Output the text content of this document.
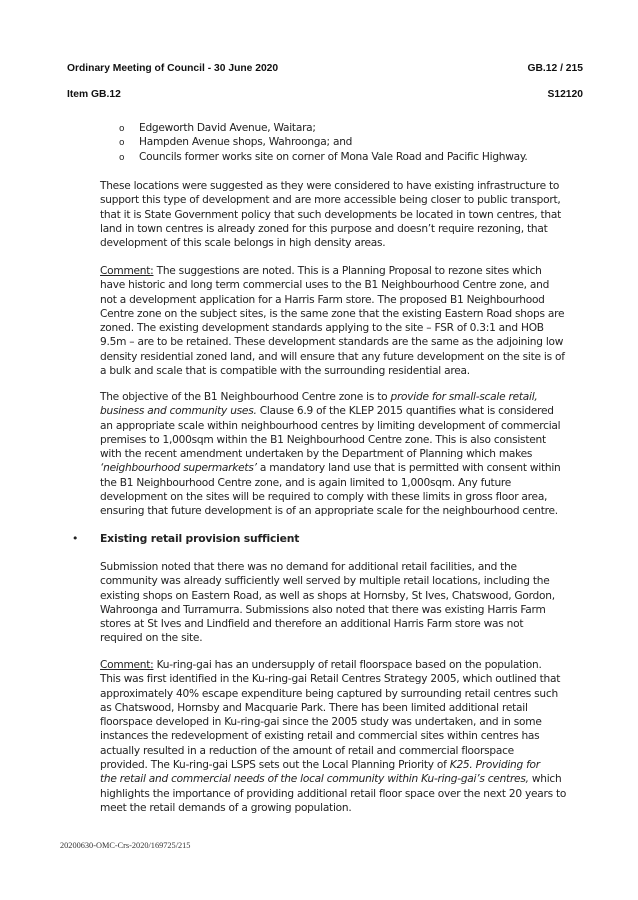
Ordinary Meeting of Council - 30 June 2020	GB.12 / 215
Item GB.12	S12120
o Edgeworth David Avenue, Waitara;
o Hampden Avenue shops, Wahroonga; and
o Councils former works site on corner of Mona Vale Road and Pacific Highway.
These locations were suggested as they were considered to have existing infrastructure to
support this type of development and are more accessible being closer to public transport,
that it is State Government policy that such developments be located in town centres, that
land in town centres is already zoned for this purpose and doesn’t require rezoning, that
development of this scale belongs in high density areas.
Comment: The suggestions are noted. This is a Planning Proposal to rezone sites which
have historic and long term commercial uses to the B1 Neighbourhood Centre zone, and
not a development application for a Harris Farm store. The proposed B1 Neighbourhood
Centre zone on the subject sites, is the same zone that the existing Eastern Road shops are
zoned. The existing development standards applying to the site – FSR of 0.3:1 and HOB
9.5m – are to be retained. These development standards are the same as the adjoining low
density residential zoned land, and will ensure that any future development on the site is of
a bulk and scale that is compatible with the surrounding residential area.
The objective of the B1 Neighbourhood Centre zone is to provide for small-scale retail,
business and community uses. Clause 6.9 of the KLEP 2015 quantifies what is considered
an appropriate scale within neighbourhood centres by limiting development of commercial
premises to 1,000sqm within the B1 Neighbourhood Centre zone. This is also consistent
with the recent amendment undertaken by the Department of Planning which makes
‘neighbourhood supermarkets’ a mandatory land use that is permitted with consent within
the B1 Neighbourhood Centre zone, and is again limited to 1,000sqm. Any future
development on the sites will be required to comply with these limits in gross floor area,
ensuring that future development is of an appropriate scale for the neighbourhood centre.
• Existing retail provision sufficient
Submission noted that there was no demand for additional retail facilities, and the
community was already sufficiently well served by multiple retail locations, including the
existing shops on Eastern Road, as well as shops at Hornsby, St Ives, Chatswood, Gordon,
Wahroonga and Turramurra. Submissions also noted that there was existing Harris Farm
stores at St Ives and Lindfield and therefore an additional Harris Farm store was not
required on the site.
Comment: Ku-ring-gai has an undersupply of retail floorspace based on the population.
This was first identified in the Ku-ring-gai Retail Centres Strategy 2005, which outlined that
approximately 40% escape expenditure being captured by surrounding retail centres such
as Chatswood, Hornsby and Macquarie Park. There has been limited additional retail
floorspace developed in Ku-ring-gai since the 2005 study was undertaken, and in some
instances the redevelopment of existing retail and commercial sites within centres has
actually resulted in a reduction of the amount of retail and commercial floorspace
provided. The Ku-ring-gai LSPS sets out the Local Planning Priority of K25. Providing for
the retail and commercial needs of the local community within Ku-ring-gai’s centres, which
highlights the importance of providing additional retail floor space over the next 20 years to
meet the retail demands of a growing population.
20200630-OMC-Crs-2020/169725/215
